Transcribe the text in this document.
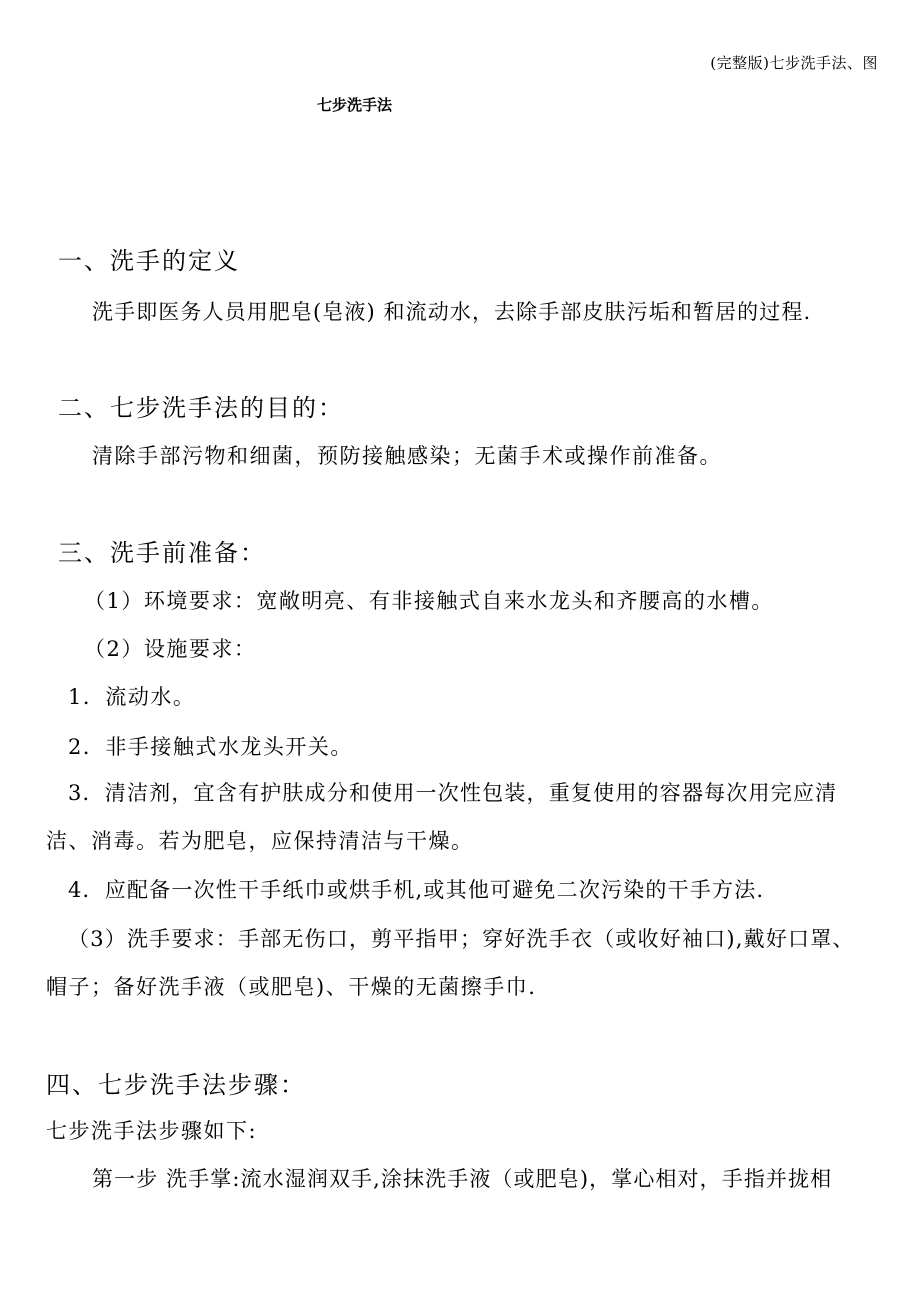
(完整版)七步洗手法、图
七步洗手法
一、洗手的定义
洗手即医务人员用肥皂(皂液) 和流动水，去除手部皮肤污垢和暂居的过程.
二、七步洗手法的目的：
清除手部污物和细菌，预防接触感染；无菌手术或操作前准备。
三、洗手前准备：
（1）环境要求：宽敞明亮、有非接触式自来水龙头和齐腰高的水槽。
（2）设施要求：
1．流动水。
2．非手接触式水龙头开关。
3．清洁剂，宜含有护肤成分和使用一次性包装，重复使用的容器每次用完应清
洁、消毒。若为肥皂，应保持清洁与干燥。
4．应配备一次性干手纸巾或烘手机,或其他可避免二次污染的干手方法.
（3）洗手要求：手部无伤口，剪平指甲；穿好洗手衣（或收好袖口),戴好口罩、
帽子；备好洗手液（或肥皂)、干燥的无菌擦手巾.
四、七步洗手法步骤：
七步洗手法步骤如下:
第一步 洗手掌:流水湿润双手,涂抹洗手液（或肥皂)，掌心相对，手指并拢相
